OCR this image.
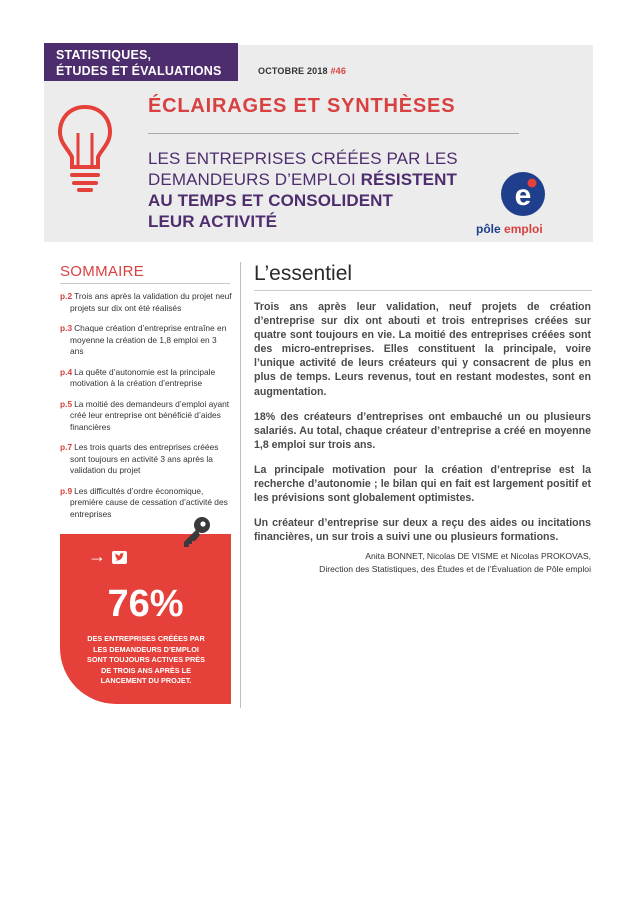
STATISTIQUES,
ÉTUDES ET ÉVALUATIONS	OCTOBRE 2018 #46
ÉCLAIRAGES ET SYNTHÈSES
LES ENTREPRISES CRÉÉES PAR LES
DEMANDEURS D’EMPLOI RÉSISTENT
AU TEMPS ET CONSOLIDENT
LEUR ACTIVITÉ
e
pôle emploi
SOMMAIRE
p.2 Trois ans après la validation du projet neuf projets sur dix ont été réalisés
p.3 Chaque création d’entreprise entraîne en moyenne la création de 1,8 emploi en 3 ans
p.4 La quête d’autonomie est la principale motivation à la création d’entreprise
p.5 La moitié des demandeurs d’emploi ayant créé leur entreprise ont bénéficié d’aides financières
p.7 Les trois quarts des entreprises créées sont toujours en activité 3 ans après la validation du projet
p.9 Les difficultés d’ordre économique, première cause de cessation d’activité des entreprises
→
76%
DES ENTREPRISES CRÉÉES PAR LES DEMANDEURS D’EMPLOI SONT TOUJOURS ACTIVES PRÈS DE TROIS ANS APRÈS LE LANCEMENT DU PROJET.
L’essentiel

Trois ans après leur validation, neuf projets de création d’entreprise sur dix ont abouti et trois entreprises créées sur quatre sont toujours en vie. La moitié des entreprises créées sont des micro-entreprises. Elles constituent la principale, voire l’unique activité de leurs créateurs qui y consacrent de plus en plus de temps. Leurs revenus, tout en restant modestes, sont en augmentation.

18% des créateurs d’entreprises ont embauché un ou plusieurs salariés. Au total, chaque créateur d’entreprise a créé en moyenne 1,8 emploi sur trois ans.

La principale motivation pour la création d’entreprise est la recherche d’autonomie ; le bilan qui en fait est largement positif et les prévisions sont globalement optimistes.

Un créateur d’entreprise sur deux a reçu des aides ou incitations financières, un sur trois a suivi une ou plusieurs formations.

Anita BONNET, Nicolas DE VISME et Nicolas PROKOVAS,
Direction des Statistiques, des Études et de l’Évaluation de Pôle emploi
